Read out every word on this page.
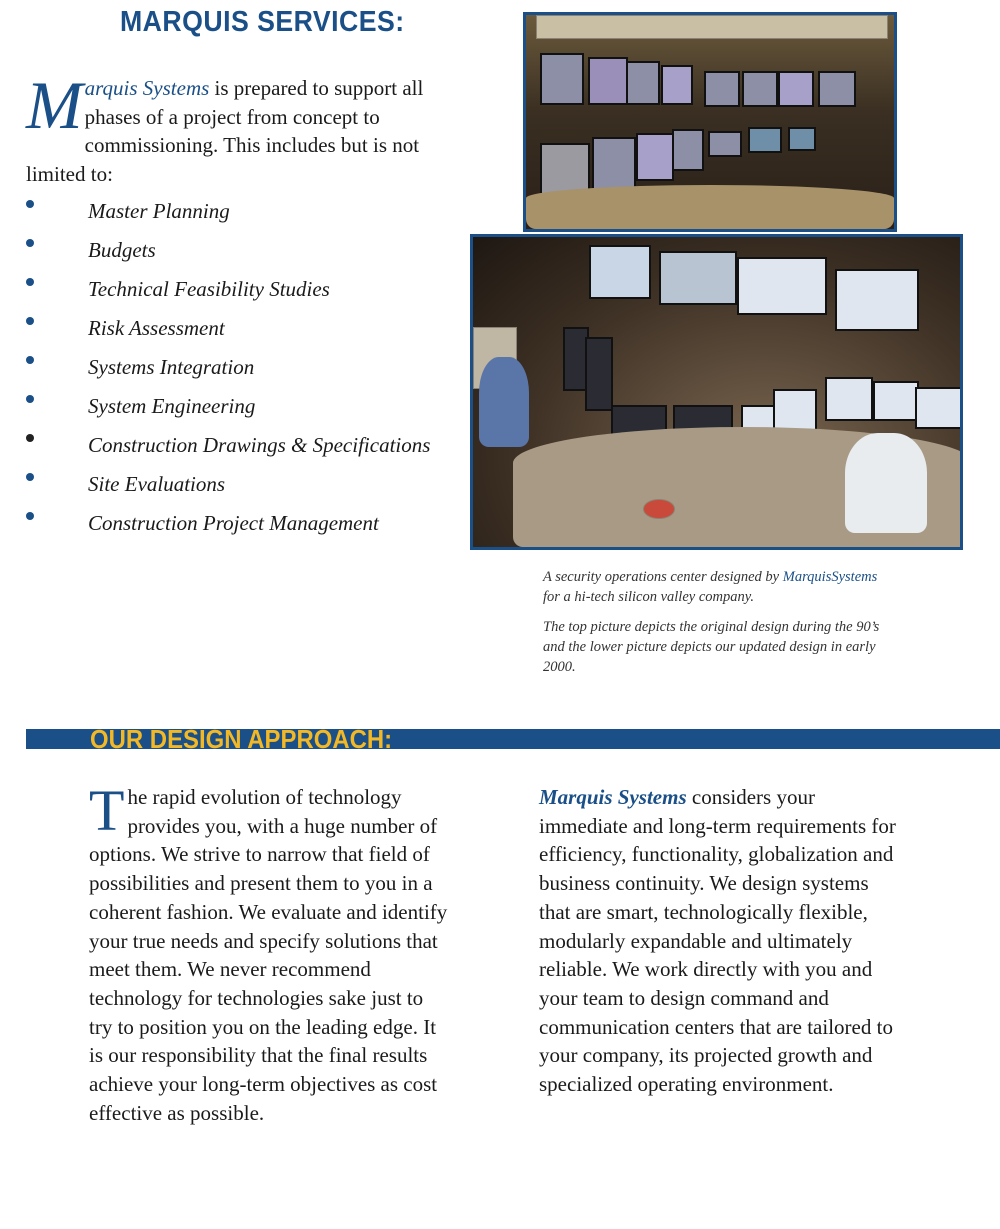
MARQUIS SERVICES:
Marquis Systems is prepared to support all phases of a project from concept to commissioning. This includes but is not limited to:
Master Planning
Budgets
Technical Feasibility Studies
Risk Assessment
Systems Integration
System Engineering
Construction Drawings & Specifications
Site Evaluations
Construction Project Management

A security operations center designed by MarquisSystems for a hi-tech silicon valley company.

The top picture depicts the original design during the 90’s and the lower picture depicts our updated design in early 2000.

OUR DESIGN APPROACH:

The rapid evolution of technology provides you, with a huge number of options. We strive to narrow that field of possibilities and present them to you in a coherent fashion. We evaluate and identify your true needs and specify solutions that meet them. We never recommend technology for technologies sake just to try to position you on the leading edge. It is our responsibility that the final results achieve your long-term objectives as cost effective as possible.

Marquis Systems considers your immediate and long-term requirements for efficiency, functionality, globalization and business continuity. We design systems that are smart, technologically flexible, modularly expandable and ultimately reliable. We work directly with you and your team to design command and communication centers that are tailored to your company, its projected growth and specialized operating environment.
